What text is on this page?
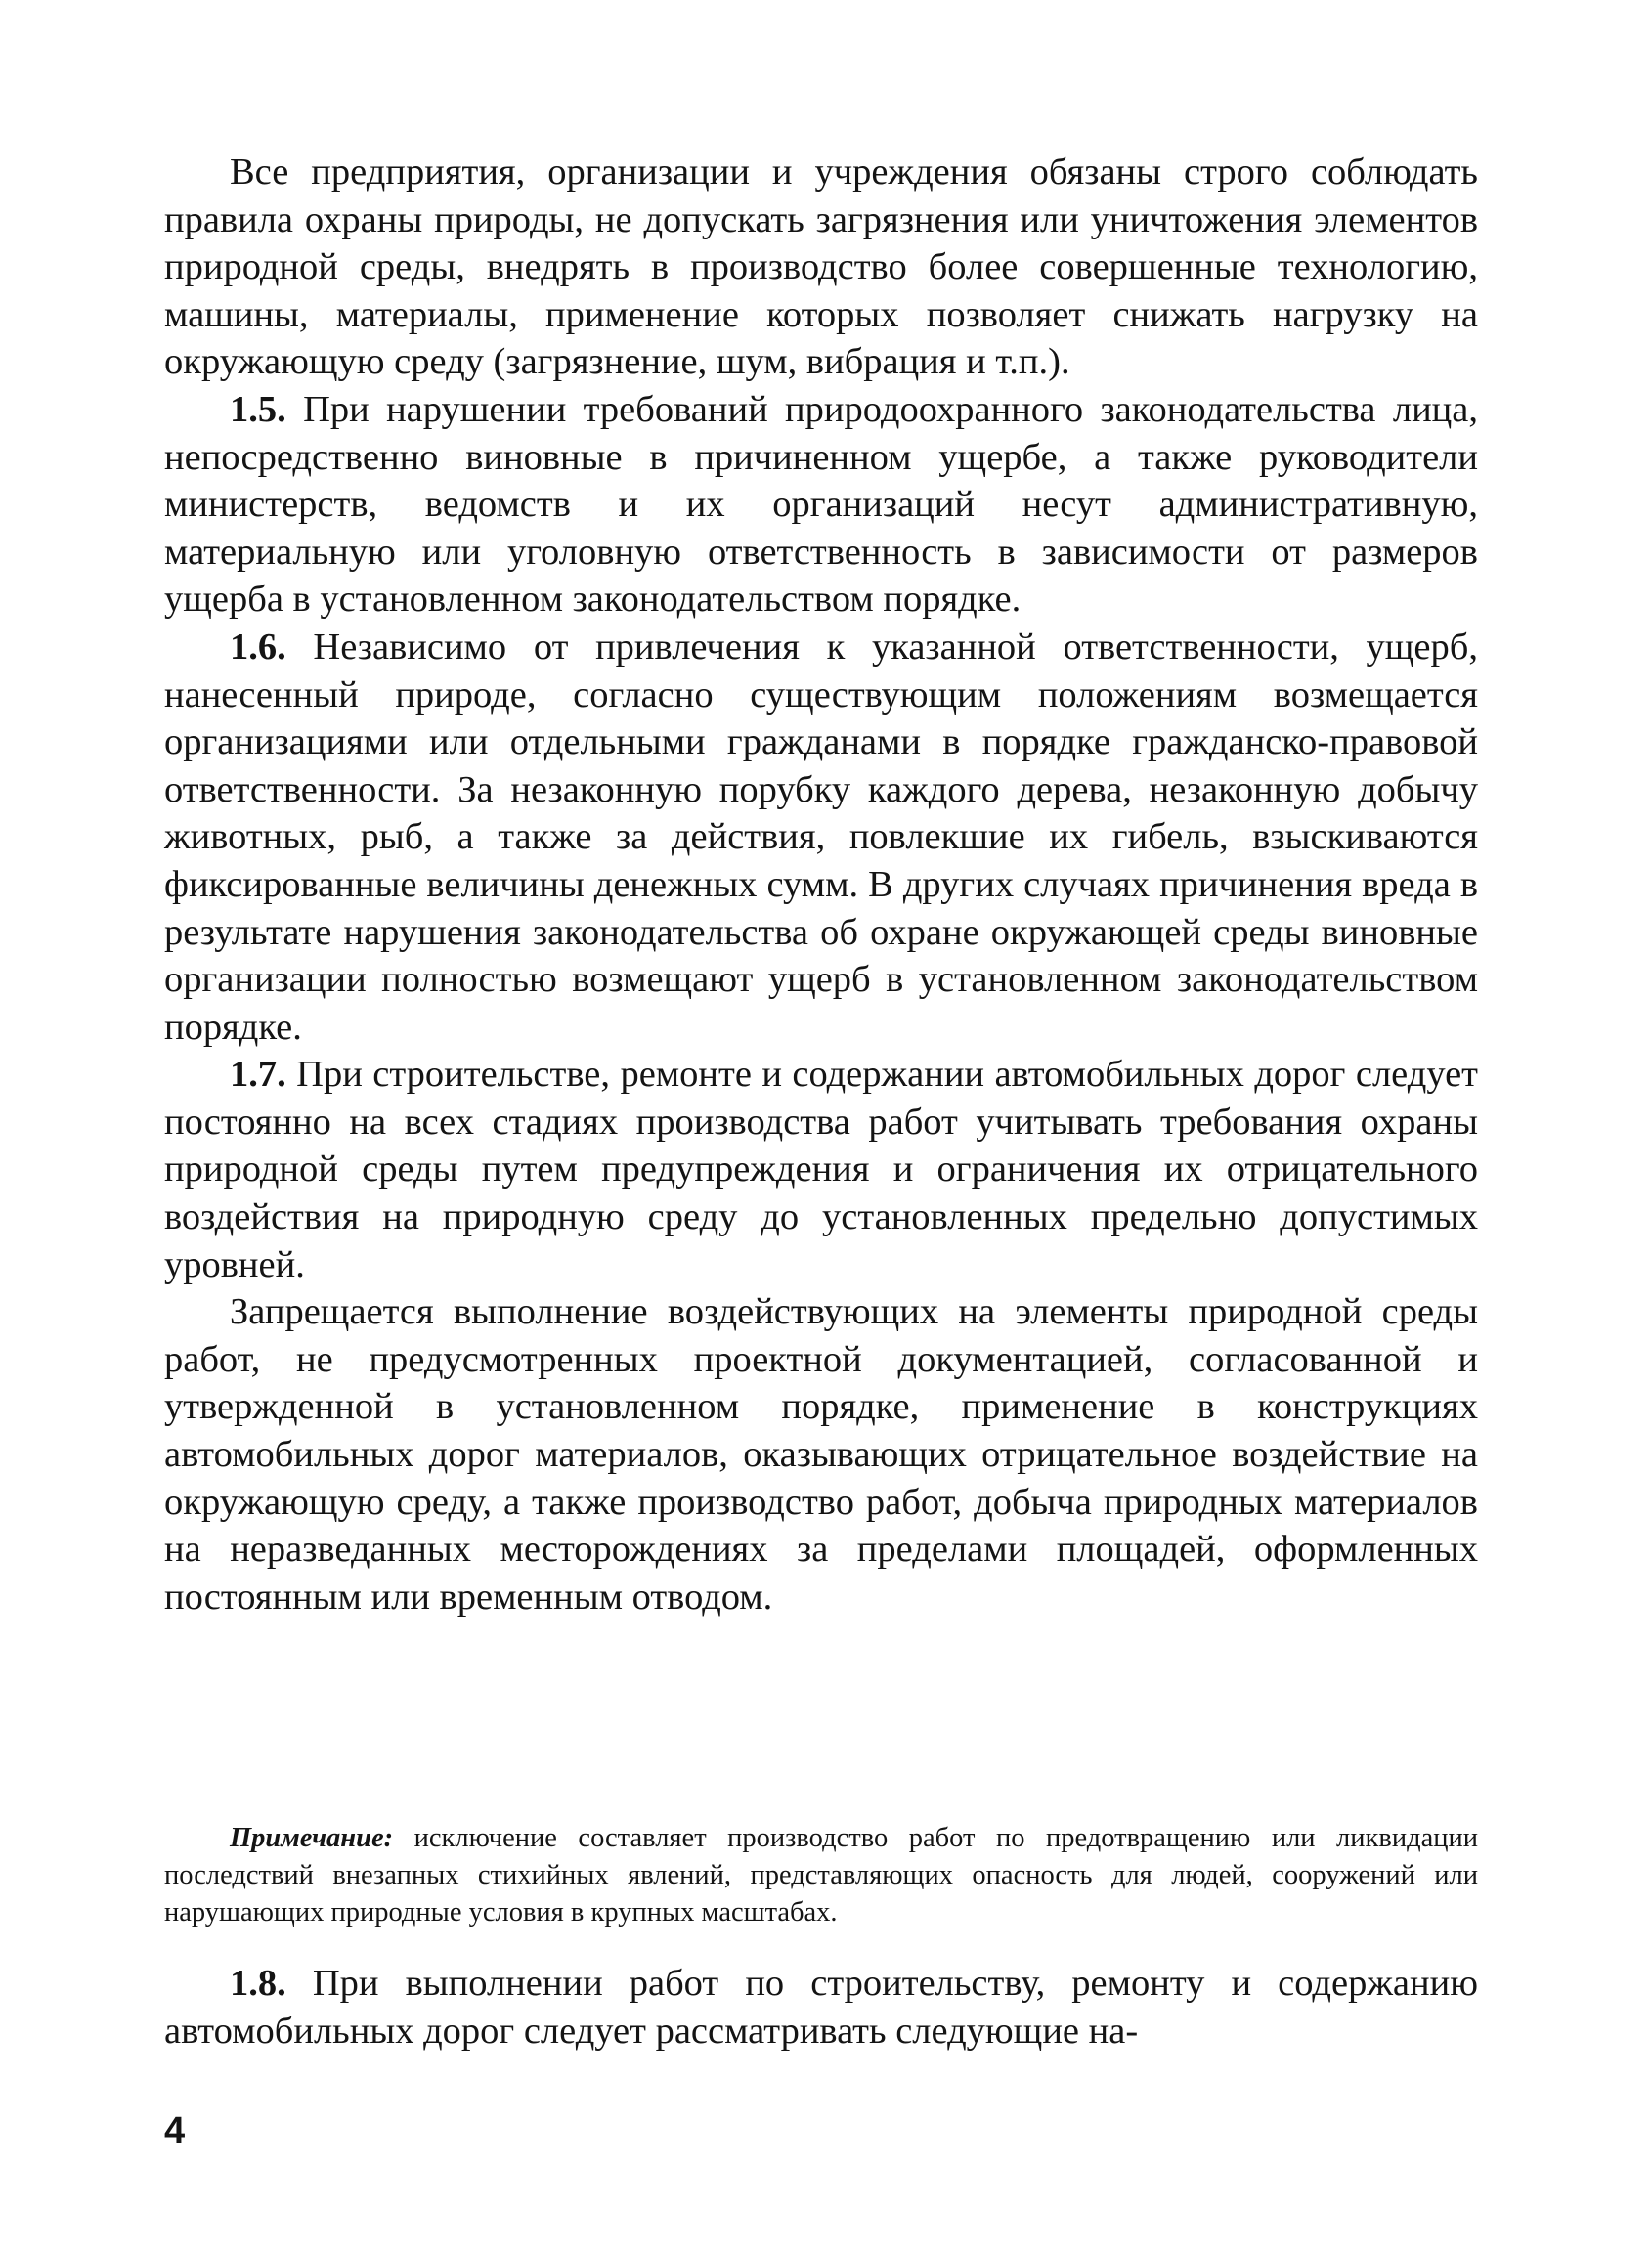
Все предприятия, организации и учреждения обязаны строго соблюдать правила охраны природы, не допускать загрязнения или уничтожения элементов природной среды, внедрять в производство более совершенные технологию, машины, материалы, применение которых позволяет снижать нагрузку на окружающую среду (загрязнение, шум, вибрация и т.п.).

1.5. При нарушении требований природоохранного законодательства лица, непосредственно виновные в причиненном ущербе, а также руководители министерств, ведомств и их организаций несут административную, материальную или уголовную ответственность в зависимости от размеров ущерба в установленном законодательством порядке.

1.6. Независимо от привлечения к указанной ответственности, ущерб, нанесенный природе, согласно существующим положениям возмещается организациями или отдельными гражданами в порядке гражданско-правовой ответственности. За незаконную порубку каждого дерева, незаконную добычу животных, рыб, а также за действия, повлекшие их гибель, взыскиваются фиксированные величины денежных сумм. В других случаях причинения вреда в результате нарушения законодательства об охране окружающей среды виновные организации полностью возмещают ущерб в установленном законодательством порядке.

1.7. При строительстве, ремонте и содержании автомобильных дорог следует постоянно на всех стадиях производства работ учитывать требования охраны природной среды путем предупреждения и ограничения их отрицательного воздействия на природную среду до установленных предельно допустимых уровней.

Запрещается выполнение воздействующих на элементы природной среды работ, не предусмотренных проектной документацией, согласованной и утвержденной в установленном порядке, применение в конструкциях автомобильных дорог материалов, оказывающих отрицательное воздействие на окружающую среду, а также производство работ, добыча природных материалов на неразведанных месторождениях за пределами площадей, оформленных постоянным или временным отводом.

Примечание: исключение составляет производство работ по предотвращению или ликвидации последствий внезапных стихийных явлений, представляющих опасность для людей, сооружений или нарушающих природные условия в крупных масштабах.

1.8. При выполнении работ по строительству, ремонту и содержанию автомобильных дорог следует рассматривать следующие на-

4
